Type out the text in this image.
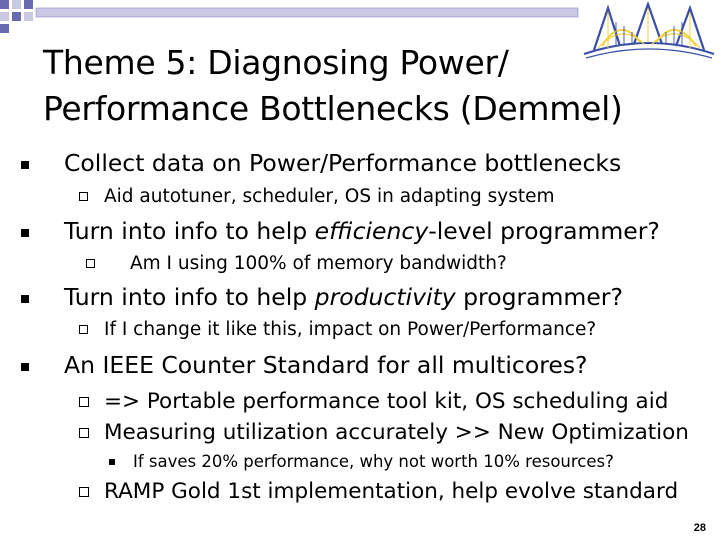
Theme 5: Diagnosing Power/
Performance Bottlenecks (Demmel)
Collect data on Power/Performance bottlenecks
Aid autotuner, scheduler, OS in adapting system
Turn into info to help efficiency-level programmer?
Am I using 100% of memory bandwidth?
Turn into info to help productivity programmer?
If I change it like this, impact on Power/Performance?
An IEEE Counter Standard for all multicores?
=> Portable performance tool kit, OS scheduling aid
Measuring utilization accurately >> New Optimization
If saves 20% performance, why not worth 10% resources?
RAMP Gold 1st implementation, help evolve standard
28
